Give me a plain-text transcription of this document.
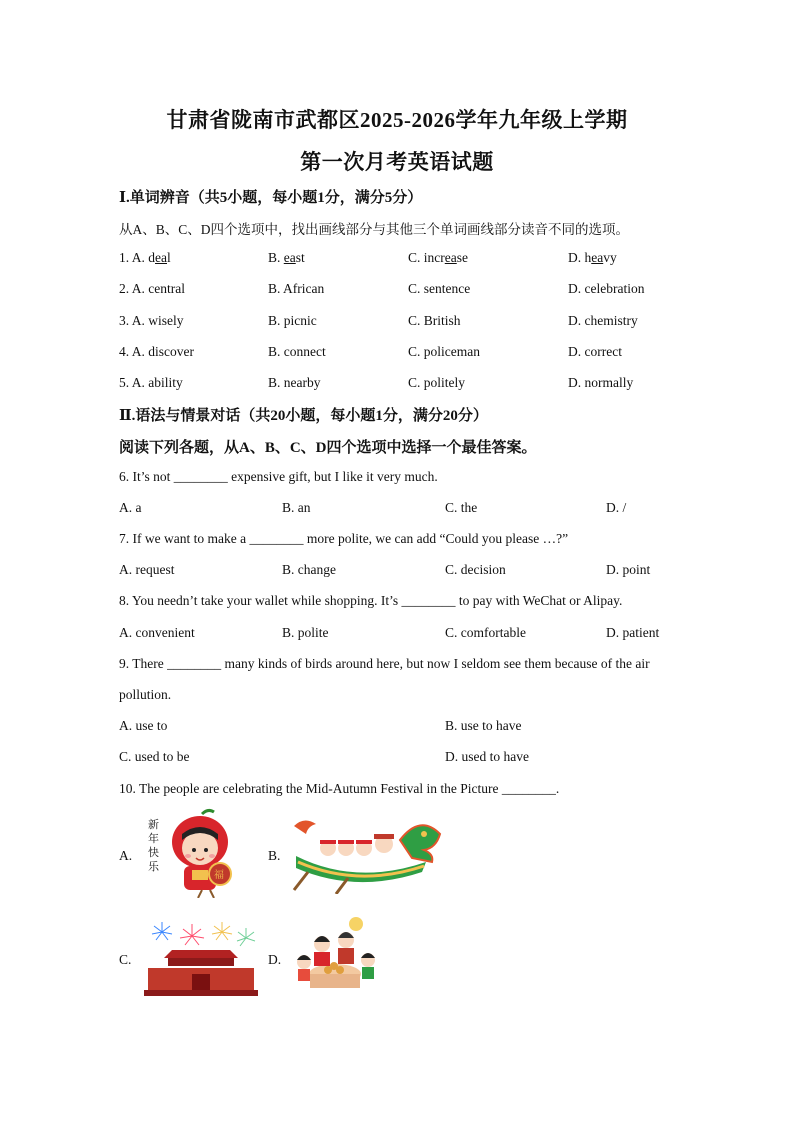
甘肃省陇南市武都区2025-2026学年九年级上学期
第一次月考英语试题
Ⅰ.单词辨音（共5小题，每小题1分，满分5分）
从A、B、C、D四个选项中，找出画线部分与其他三个单词画线部分读音不同的选项。
1. A. deal	B. east	C. increase	D. heavy
2. A. central	B. African	C. sentence	D. celebration
3. A. wisely	B. picnic	C. British	D. chemistry
4. A. discover	B. connect	C. policeman	D. correct
5. A. ability	B. nearby	C. politely	D. normally
Ⅱ.语法与情景对话（共20小题，每小题1分，满分20分）
阅读下列各题，从A、B、C、D四个选项中选择一个最佳答案。
6. It’s not ________ expensive gift, but I like it very much.
A. a	B. an	C. the	D. /
7. If we want to make a ________ more polite, we can add “Could you please …?”
A. request	B. change	C. decision	D. point
8. You needn’t take your wallet while shopping. It’s ________ to pay with WeChat or Alipay.
A. convenient	B. polite	C. comfortable	D. patient
9. There ________ many kinds of birds around here, but now I seldom see them because of the air
pollution.
A. use to	B. use to have
C. used to be	D. used to have
10. The people are celebrating the Mid-Autumn Festival in the Picture ________.
A.	B.
C.	D.
新
年
快
乐
福
